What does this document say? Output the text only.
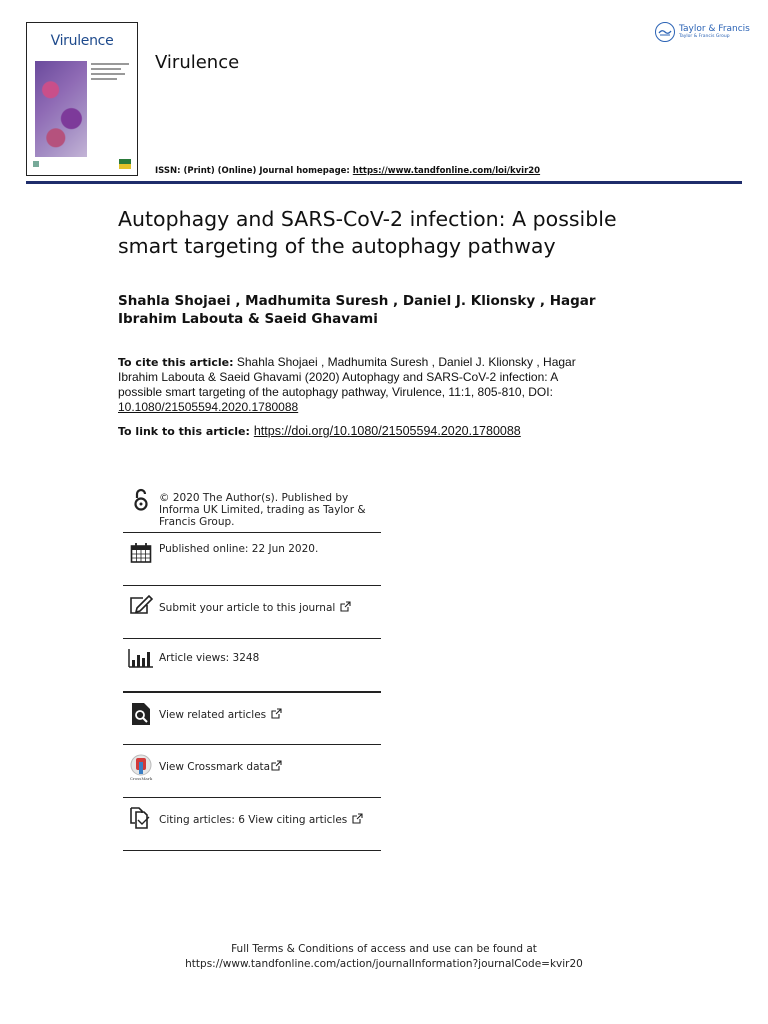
Virulence
Virulence
ISSN: (Print) (Online) Journal homepage: https://www.tandfonline.com/loi/kvir20
Taylor & Francis
Taylor & Francis Group
Autophagy and SARS-CoV-2 infection: A possible smart targeting of the autophagy pathway
Shahla Shojaei , Madhumita Suresh , Daniel J. Klionsky , Hagar Ibrahim Labouta & Saeid Ghavami
To cite this article: Shahla Shojaei , Madhumita Suresh , Daniel J. Klionsky , Hagar Ibrahim Labouta & Saeid Ghavami (2020) Autophagy and SARS-CoV-2 infection: A possible smart targeting of the autophagy pathway, Virulence, 11:1, 805-810, DOI: 10.1080/21505594.2020.1780088
To link to this article: https://doi.org/10.1080/21505594.2020.1780088
© 2020 The Author(s). Published by Informa UK Limited, trading as Taylor & Francis Group.
Published online: 22 Jun 2020.
Submit your article to this journal
Article views: 3248
View related articles
CrossMark
View Crossmark data
Citing articles: 6 View citing articles
Full Terms & Conditions of access and use can be found at
https://www.tandfonline.com/action/journalInformation?journalCode=kvir20
